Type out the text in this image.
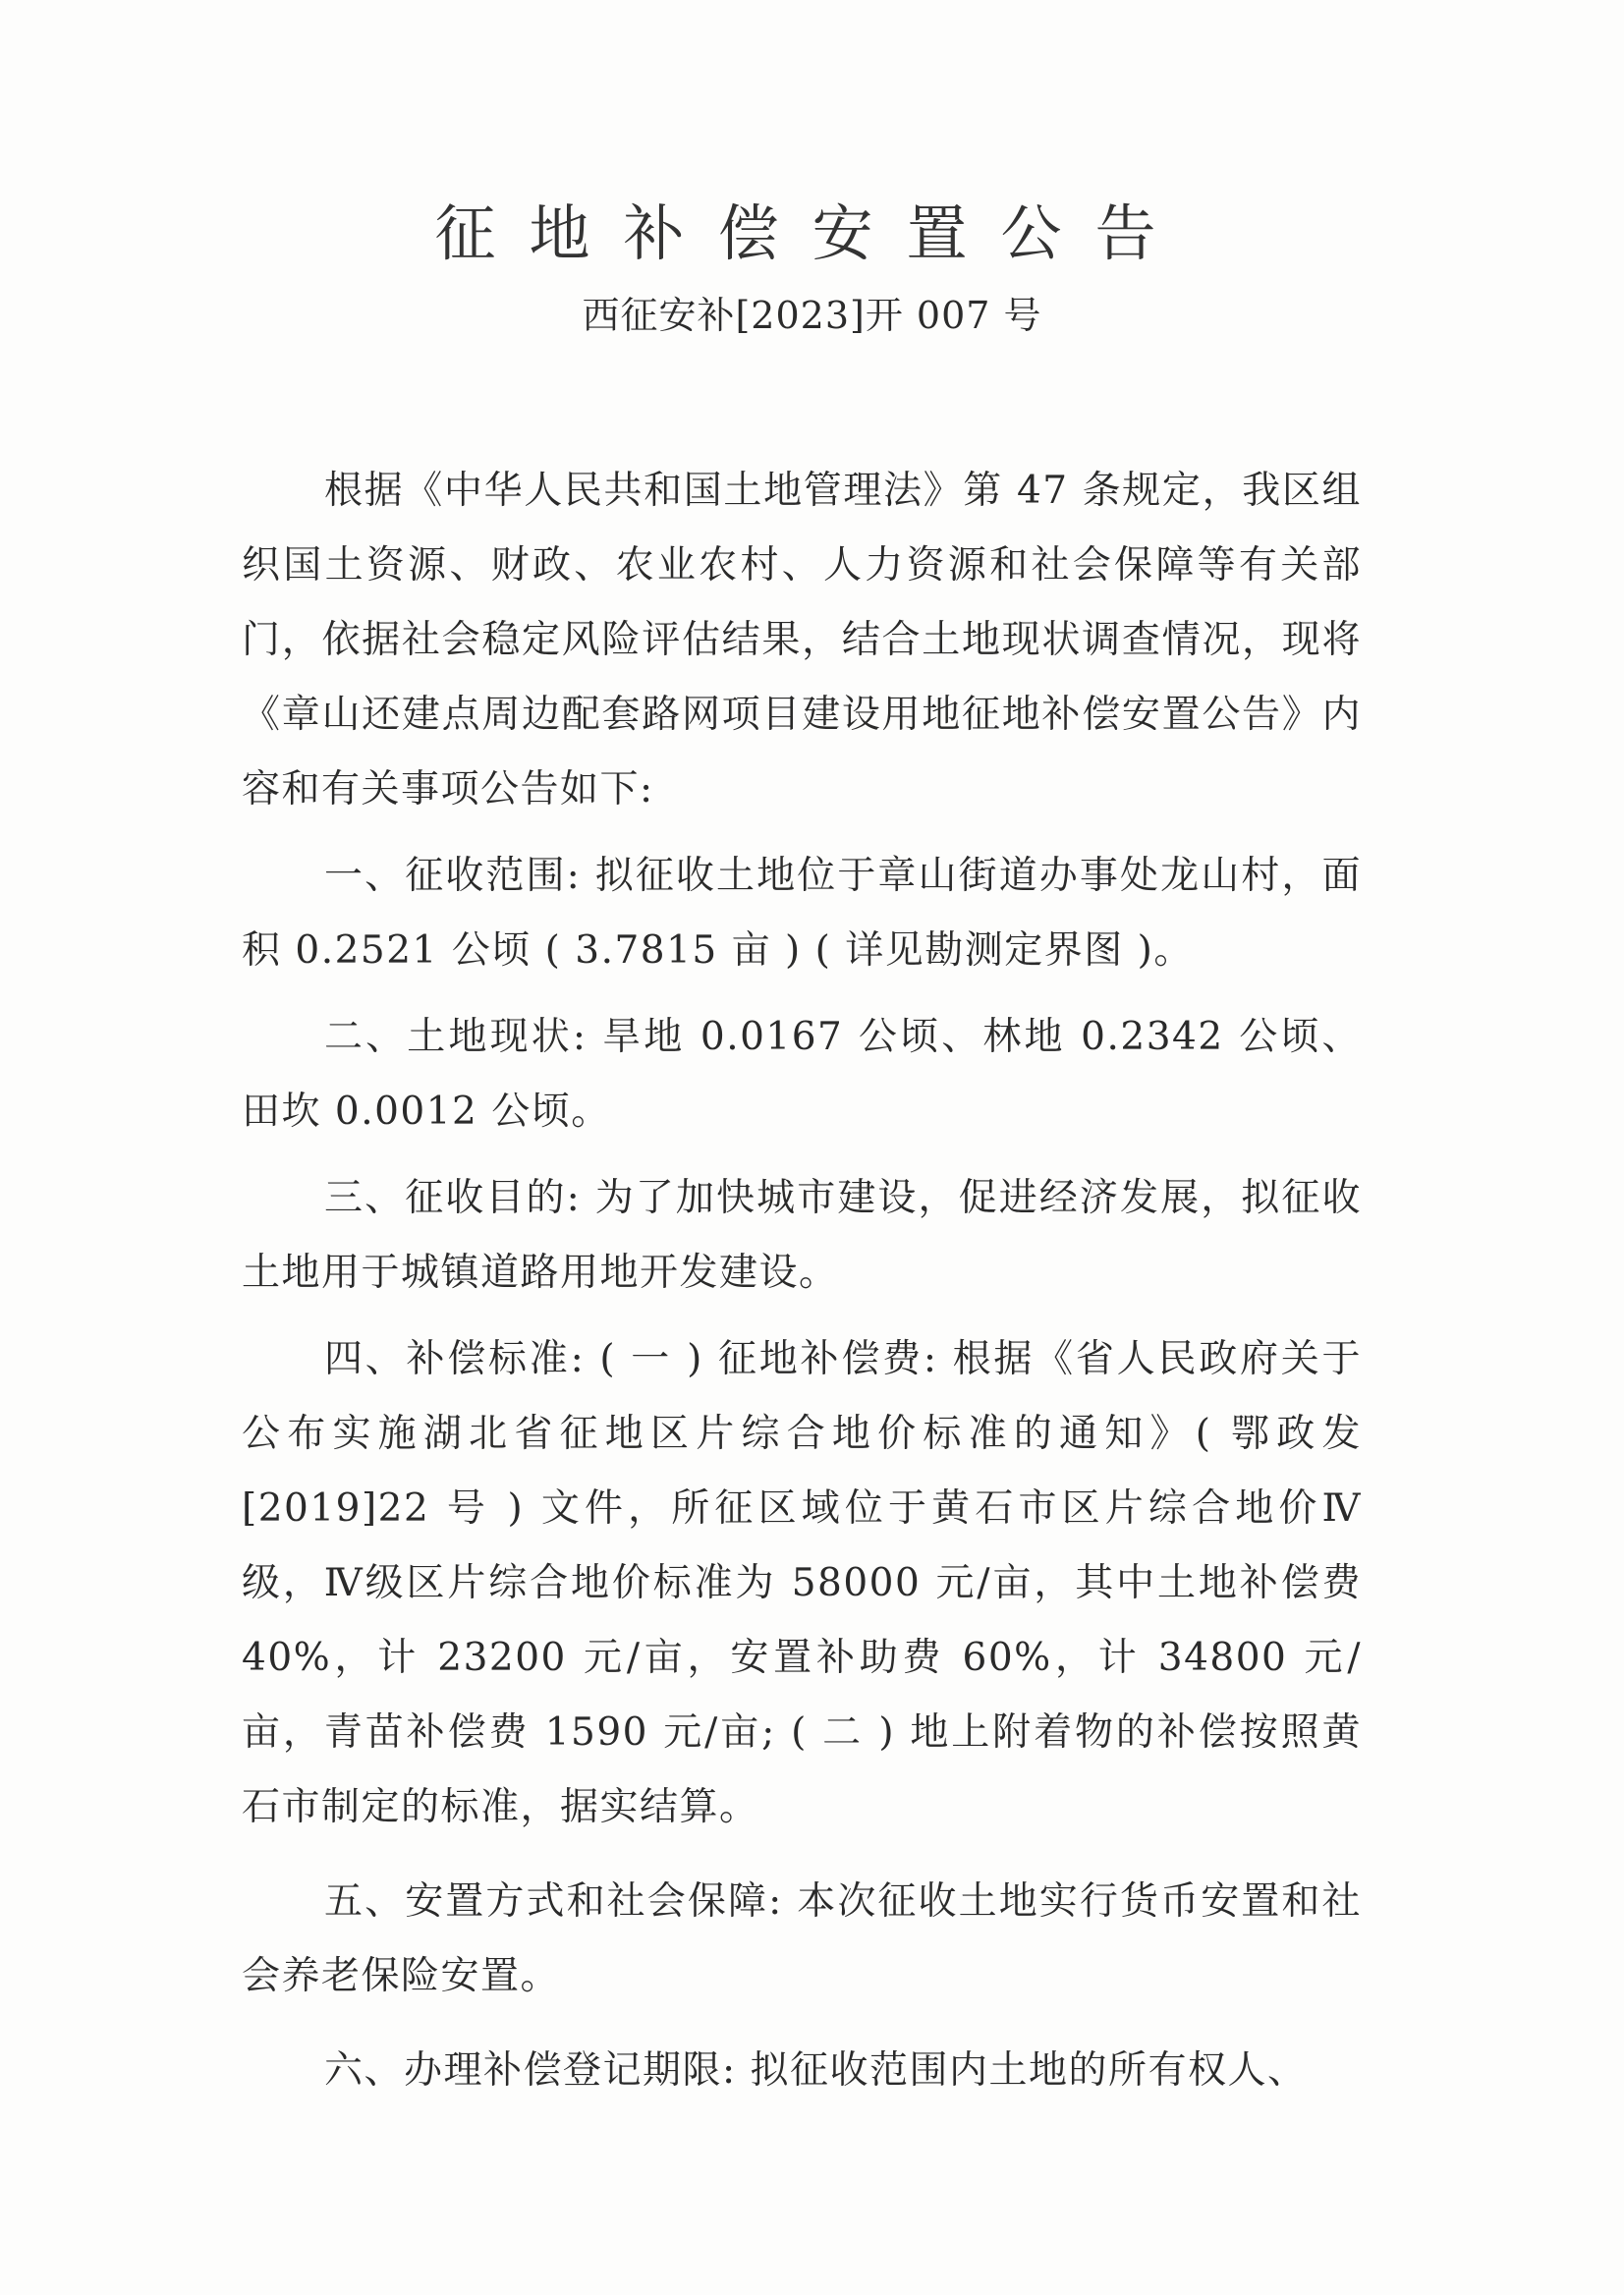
征地补偿安置公告
西征安补[2023]开 007 号

根据《中华人民共和国土地管理法》第 47 条规定，我区组织国土资源、财政、农业农村、人力资源和社会保障等有关部门，依据社会稳定风险评估结果，结合土地现状调查情况，现将《章山还建点周边配套路网项目建设用地征地补偿安置公告》内容和有关事项公告如下:

一、征收范围: 拟征收土地位于章山街道办事处龙山村，面积 0.2521 公顷 ( 3.7815 亩 ) ( 详见勘测定界图 )。

二、土地现状: 旱地 0.0167 公顷、林地 0.2342 公顷、田坎 0.0012 公顷。

三、征收目的: 为了加快城市建设，促进经济发展，拟征收土地用于城镇道路用地开发建设。

四、补偿标准: ( 一 ) 征地补偿费: 根据《省人民政府关于公布实施湖北省征地区片综合地价标准的通知》( 鄂政发[2019]22 号 ) 文件，所征区域位于黄石市区片综合地价Ⅳ级，Ⅳ级区片综合地价标准为 58000 元/亩，其中土地补偿费 40%，计 23200 元/亩，安置补助费 60%，计 34800 元/亩，青苗补偿费 1590 元/亩; ( 二 ) 地上附着物的补偿按照黄石市制定的标准，据实结算。

五、安置方式和社会保障: 本次征收土地实行货币安置和社会养老保险安置。

六、办理补偿登记期限: 拟征收范围内土地的所有权人、
